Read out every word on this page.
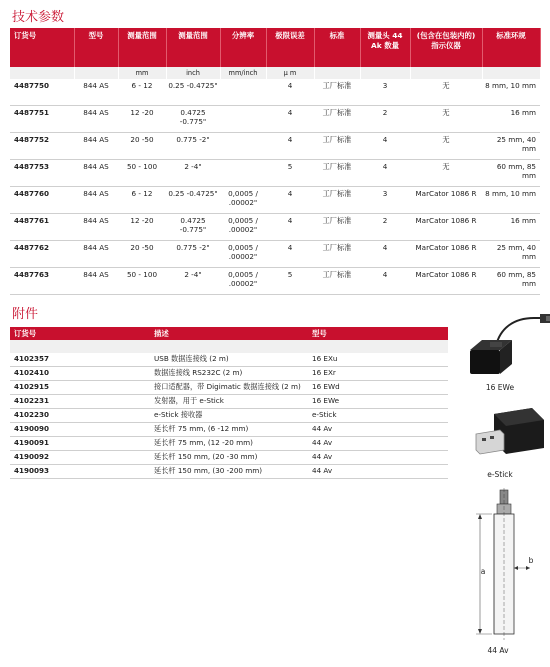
技术参数
订货号	型号	测量范围	测量范围	分辨率	极限误差	标准	测量头 44 Ak 数量	(包含在包装内的) 指示仪器	标准环规
		mm	inch	mm/inch	μ m				
4487750	844 AS	6 - 12	0.25 -0.4725"		4	工厂标准	3	无	8 mm, 10 mm
4487751	844 AS	12 -20	0.4725 -0.775"		4	工厂标准	2	无	16 mm
4487752	844 AS	20 -50	0.775 -2"		4	工厂标准	4	无	25 mm, 40 mm
4487753	844 AS	50 - 100	2 -4"		5	工厂标准	4	无	60 mm, 85 mm
4487760	844 AS	6 - 12	0.25 -0.4725"	0,0005 / .00002"	4	工厂标准	3	MarCator 1086 R	8 mm, 10 mm
4487761	844 AS	12 -20	0.4725 -0.775"	0,0005 / .00002"	4	工厂标准	2	MarCator 1086 R	16 mm
4487762	844 AS	20 -50	0.775 -2"	0,0005 / .00002"	4	工厂标准	4	MarCator 1086 R	25 mm, 40 mm
4487763	844 AS	50 - 100	2 -4"	0,0005 / .00002"	5	工厂标准	4	MarCator 1086 R	60 mm, 85 mm
附件
订货号	描述	型号

4102357	USB 数据连接线 (2 m)	16 EXu
4102410	数据连接线 RS232C (2 m)	16 EXr
4102915	接口适配器，带 Digimatic 数据连接线 (2 m)	16 EWd
4102231	发射器，用于 e-Stick	16 EWe
4102230	e-Stick 接收器	e-Stick
4190090	延长杆 75 mm, (6 -12 mm)	44 Av
4190091	延长杆 75 mm, (12 -20 mm)	44 Av
4190092	延长杆 150 mm, (20 -30 mm)	44 Av
4190093	延长杆 150 mm, (30 -200 mm)	44 Av
16 EWe
e-Stick
a
b
44 Av
